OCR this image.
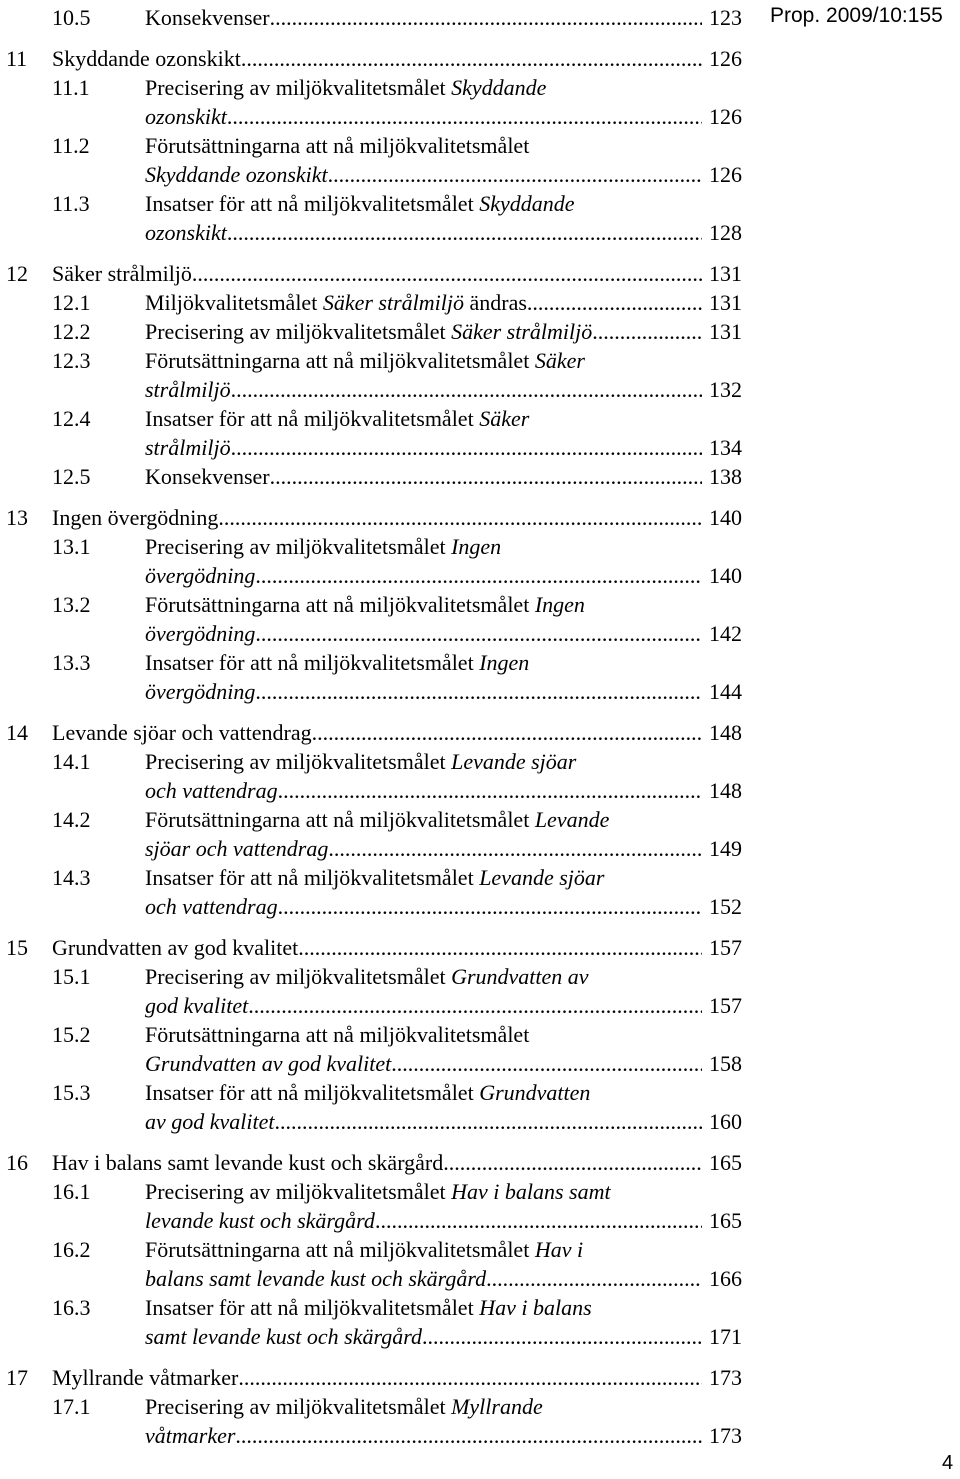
Prop. 2009/10:155
10.5 Konsekvenser .....	123
11 Skyddande ozonskikt .....	126
11.1	Precisering av miljökvalitetsmålet Skyddande
ozonskikt .....	126
11.2	Förutsättningarna att nå miljökvalitetsmålet
Skyddande ozonskikt .....	126
11.3	Insatser för att nå miljökvalitetsmålet Skyddande
ozonskikt .....	128
12 Säker strålmiljö .....	131
12.1 Miljökvalitetsmålet Säker strålmiljö ändras .....	131
12.2 Precisering av miljökvalitetsmålet Säker strålmiljö .....	131
12.3 Förutsättningarna att nå miljökvalitetsmålet Säker
strålmiljö .....	132
12.4 Insatser för att nå miljökvalitetsmålet Säker
strålmiljö .....	134
12.5 Konsekvenser .....	138
13 Ingen övergödning .....	140
13.1 Precisering av miljökvalitetsmålet Ingen
övergödning .....	140
13.2 Förutsättningarna att nå miljökvalitetsmålet Ingen
övergödning .....	142
13.3 Insatser för att nå miljökvalitetsmålet Ingen
övergödning .....	144
14 Levande sjöar och vattendrag .....	148
14.1 Precisering av miljökvalitetsmålet Levande sjöar
och vattendrag .....	148
14.2 Förutsättningarna att nå miljökvalitetsmålet Levande
sjöar och vattendrag .....	149
14.3 Insatser för att nå miljökvalitetsmålet Levande sjöar
och vattendrag .....	152
15 Grundvatten av god kvalitet .....	157
15.1 Precisering av miljökvalitetsmålet Grundvatten av
god kvalitet .....	157
15.2 Förutsättningarna att nå miljökvalitetsmålet
Grundvatten av god kvalitet .....	158
15.3 Insatser för att nå miljökvalitetsmålet Grundvatten
av god kvalitet .....	160
16 Hav i balans samt levande kust och skärgård .....	165
16.1 Precisering av miljökvalitetsmålet Hav i balans samt
levande kust och skärgård .....	165
16.2 Förutsättningarna att nå miljökvalitetsmålet Hav i
balans samt levande kust och skärgård .....	166
16.3 Insatser för att nå miljökvalitetsmålet Hav i balans
samt levande kust och skärgård .....	171
17 Myllrande våtmarker .....	173
17.1 Precisering av miljökvalitetsmålet Myllrande
våtmarker .....	173
4
